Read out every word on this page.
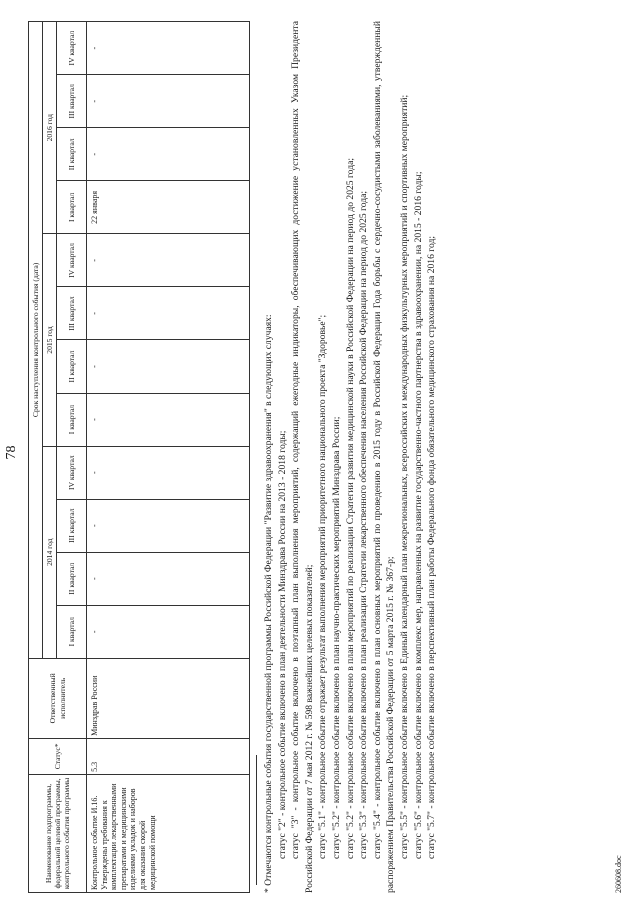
78
Наименование подпрограммы, федеральной целевой программы, контрольного события программы	Статус*	Ответственный исполнитель	Срок наступления контрольного события (дата)											
			2014 год				2015 год				2016 год			
			I квартал	II квартал	III квартал	IV квартал	I квартал	II квартал	III квартал	IV квартал	I квартал	II квартал	III квартал	IV квартал
Контрольное событие И.16. Утверждены требования к комплектации лекарственными препаратами и медицинскими изделиями укладок и наборов для оказания скорой медицинской помощи	5.3	Минздрав России	-	-	-	-	-	-	-	-	22 января	-	-	-

* Отмечаются контрольные события государственной программы Российской Федерации "Развитие здравоохранения" в следующих случаях: статус "2" - контрольное событие включено в план деятельности Минздрава России на 2013 - 2018 годы; статус "3" - контрольное событие включено в поэтапный план выполнения мероприятий, содержащий ежегодные индикаторы, обеспечивающих достижение установленных Указом Президента Российской Федерации от 7 мая 2012 г. № 598 важнейших целевых показателей; статус "5.1" - контрольное событие отражает результат выполнения мероприятий приоритетного национального проекта "Здоровье"; статус "5.2" - контрольное событие включено в план научно-практических мероприятий Минздрава России; статус "5.2" - контрольное событие включено в план мероприятий по реализации Стратегии развития медицинской науки в Российской Федерации на период до 2025 года; статус "5.3" - контрольное событие включено в план реализации Стратегии лекарственного обеспечения населения Российской Федерации на период до 2025 года; статус "5.4" - контрольное событие включено в план основных мероприятий по проведению в 2015 году в Российской Федерации Года борьбы с сердечно-сосудистыми заболеваниями, утвержденный распоряжением Правительства Российской Федерации от 5 марта 2015 г. № 367-р; статус "5.5" - контрольное событие включено в Единый календарный план межрегиональных, всероссийских и международных физкультурных мероприятий и спортивных мероприятий; статус "5.6" - контрольное событие включено в комплекс мер, направленных на развитие государственно-частного партнерства в здравоохранении, на 2015 - 2016 годы; статус "5.7" - контрольное событие включено в перспективный план работы Федерального фонда обязательного медицинского страхования на 2016 год;

260608.doc
